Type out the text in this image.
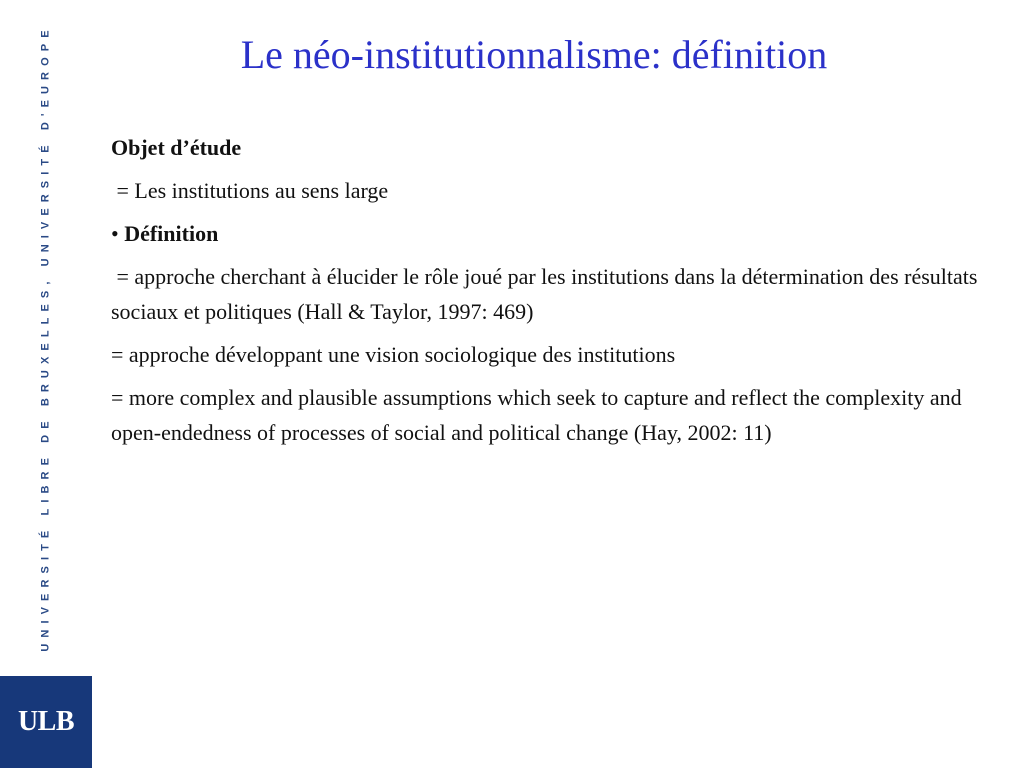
UNIVERSITÉ LIBRE DE BRUXELLES, UNIVERSITÉ D'EUROPE
ULB
Le néo-institutionnalisme: définition

Objet d’étude

= Les institutions au sens large

• Définition

= approche cherchant à élucider le rôle joué par les institutions dans la détermination des résultats sociaux et politiques (Hall & Taylor, 1997: 469)

= approche développant une vision sociologique des institutions

= more complex and plausible assumptions which seek to capture and reflect the complexity and open-endedness of processes of social and political change (Hay, 2002: 11)
